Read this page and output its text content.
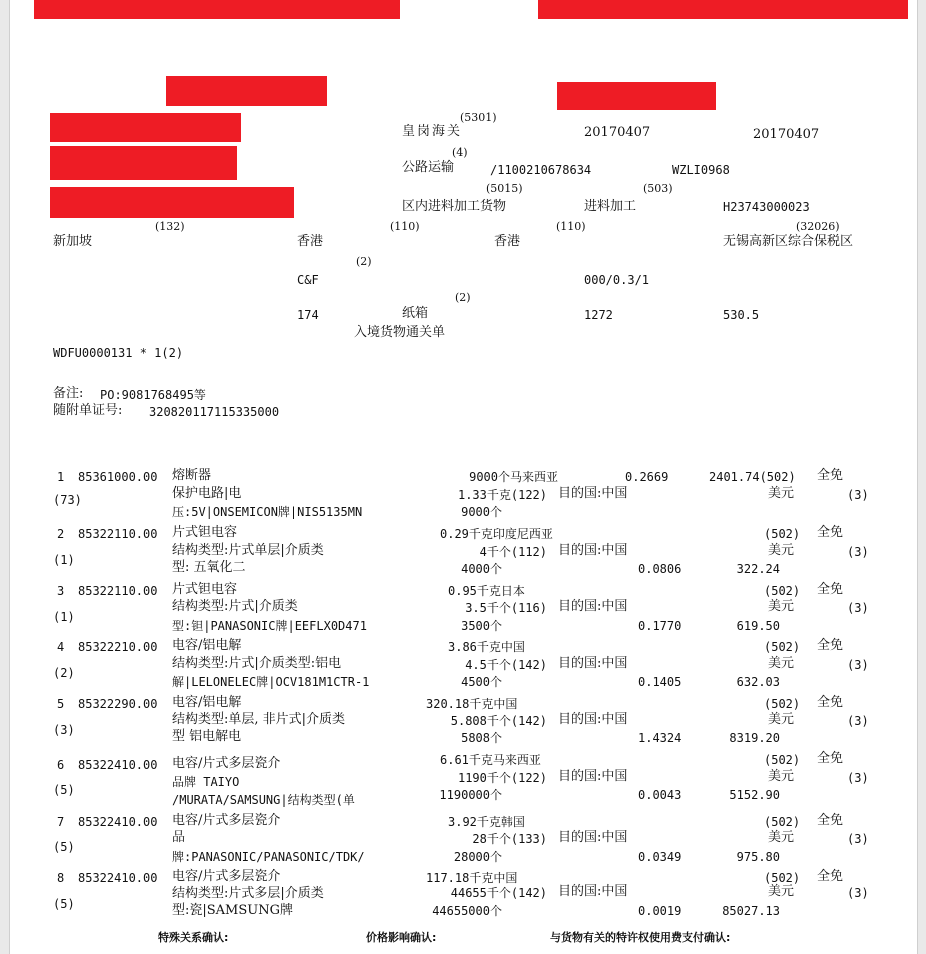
(5301)
皇岗海关	20170407	20170407
(4)
公路运输	/1100210678634	WZLI0968
(5015)	(503)
区内进料加工货物	进料加工	H23743000023
(132)	(110)	(110)	(32026)
新加坡	香港	香港	无锡高新区综合保税区
(2)
C&F	000/0.3/1
(2)
174	纸箱	1272	530.5
入境货物通关单
WDFU0000131 * 1(2)
备注: PO:9081768495等
随附单证号: 320820117115335000
1 85361000.00 熔断器	9000个马来西亚	0.2669	2401.74(502) 全免
(73)	保护电路|电	1.33千克(122) 目的国:中国	美元	(3)
压:5V|ONSEMICON牌|NIS5135MN	9000个
2 85322110.00 片式钽电容	0.29千克印度尼西亚	(502) 全免
(1)
结构类型:片式单层|介质类	4千个(112) 目的国:中国	美元	(3)
型: 五氧化二	4000个	0.0806	322.24
3 85322110.00 片式钽电容	0.95千克日本	(502) 全免
(1)
结构类型:片式|介质类	3.5千个(116) 目的国:中国	美元	(3)
型:钽|PANASONIC牌|EEFLX0D471	3500个	0.1770	619.50
4 85322210.00 电容/铝电解	3.86千克中国	(502) 全免
(2)
结构类型:片式|介质类型:铝电	4.5千个(142) 目的国:中国	美元	(3)
解|LELONELEC牌|OCV181M1CTR-1	4500个	0.1405	632.03
5 85322290.00 电容/铝电解	320.18千克中国	(502) 全免
(3)
结构类型:单层, 非片式|介质类	5.808千个(142) 目的国:中国	美元	(3)
型 铝电解电	5808个	1.4324	8319.20
6 85322410.00 电容/片式多层瓷介	6.61千克马来西亚	(502) 全免
(5)
品牌 TAIYO	1190千个(122) 目的国:中国	美元	(3)
/MURATA/SAMSUNG|结构类型(单	1190000个	0.0043	5152.90
7 85322410.00 电容/片式多层瓷介	3.92千克韩国	(502) 全免
(5)
品	28千个(133) 目的国:中国	美元	(3)
牌:PANASONIC/PANASONIC/TDK/	28000个	0.0349	975.80
8 85322410.00 电容/片式多层瓷介	117.18千克中国	(502) 全免
(5)
结构类型:片式多层|介质类	44655千个(142) 目的国:中国	美元	(3)
型:瓷|SAMSUNG牌	44655000个	0.0019	85027.13
特殊关系确认:	价格影响确认:	与货物有关的特许权使用费支付确认:
